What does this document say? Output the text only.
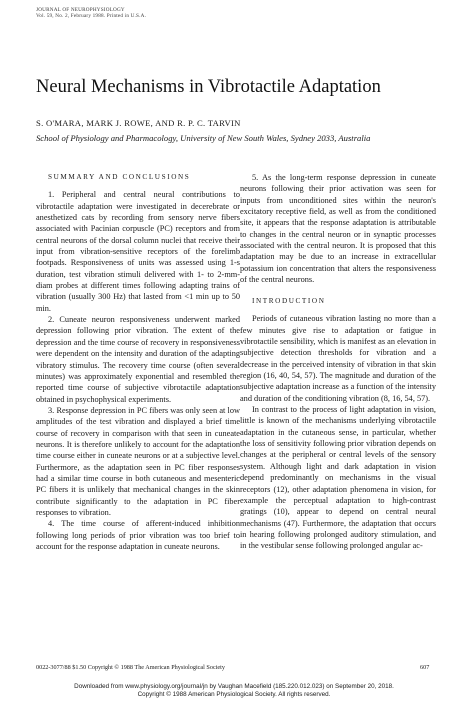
JOURNAL OF NEUROPHYSIOLOGY
Vol. 59, No. 2, February 1988. Printed in U.S.A.
Neural Mechanisms in Vibrotactile Adaptation
S. O'MARA, MARK J. ROWE, AND R. P. C. TARVIN
School of Physiology and Pharmacology, University of New South Wales, Sydney 2033, Australia
SUMMARY AND CONCLUSIONS

1. Peripheral and central neural contributions to vibrotactile adaptation were investigated in decerebrate or anesthetized cats by recording from sensory nerve fibers associated with Pacinian corpuscle (PC) receptors and from central neurons of the dorsal column nuclei that receive their input from vibration-sensitive receptors of the forelimb footpads. Responsiveness of units was assessed using 1-s duration, test vibration stimuli delivered with 1- to 2-mm-diam probes at different times following adapting trains of vibration (usually 300 Hz) that lasted from <1 min up to 50 min.

2. Cuneate neuron responsiveness underwent marked depression following prior vibration. The extent of the depression and the time course of recovery in responsiveness were dependent on the intensity and duration of the adapting vibratory stimulus. The recovery time course (often several minutes) was approximately exponential and resembled the reported time course of subjective vibrotactile adaptation obtained in psychophysical experiments.

3. Response depression in PC fibers was only seen at low amplitudes of the test vibration and displayed a brief time course of recovery in comparison with that seen in cuneate neurons. It is therefore unlikely to account for the adaptation time course either in cuneate neurons or at a subjective level. Furthermore, as the adaptation seen in PC fiber responses had a similar time course in both cutaneous and mesenteric PC fibers it is unlikely that mechanical changes in the skin contribute significantly to the adaptation in PC fiber responses to vibration.

4. The time course of afferent-induced inhibition following long periods of prior vibration was too brief to account for the response adaptation in cuneate neurons.

5. As the long-term response depression in cuneate neurons following their prior activation was seen for inputs from unconditioned sites within the neuron's excitatory receptive field, as well as from the conditioned site, it appears that the response adaptation is attributable to changes in the central neuron or in synaptic processes associated with the central neuron. It is proposed that this adaptation may be due to an increase in extracellular potassium ion concentration that alters the responsiveness of the central neurons.

INTRODUCTION

Periods of cutaneous vibration lasting no more than a few minutes give rise to adaptation or fatigue in vibrotactile sensibility, which is manifest as an elevation in subjective detection thresholds for vibration and a decrease in the perceived intensity of vibration in that skin region (16, 40, 54, 57). The magnitude and duration of the subjective adaptation increase as a function of the intensity and duration of the conditioning vibration (8, 16, 54, 57).

In contrast to the process of light adaptation in vision, little is known of the mechanisms underlying vibrotactile adaptation in the cutaneous sense, in particular, whether the loss of sensitivity following prior vibration depends on changes at the peripheral or central levels of the sensory system. Although light and dark adaptation in vision depend predominantly on mechanisms in the visual receptors (12), other adaptation phenomena in vision, for example the perceptual adaptation to high-contrast gratings (10), appear to depend on central neural mechanisms (47). Furthermore, the adaptation that occurs in hearing following prolonged auditory stimulation, and in the vestibular sense following prolonged angular ac-

0022-3077/88 $1.50 Copyright © 1988 The American Physiological Society	607
Downloaded from www.physiology.org/journal/jn by Vaughan Macefield (185.220.012.023) on September 20, 2018.
Copyright © 1988 American Physiological Society. All rights reserved.
